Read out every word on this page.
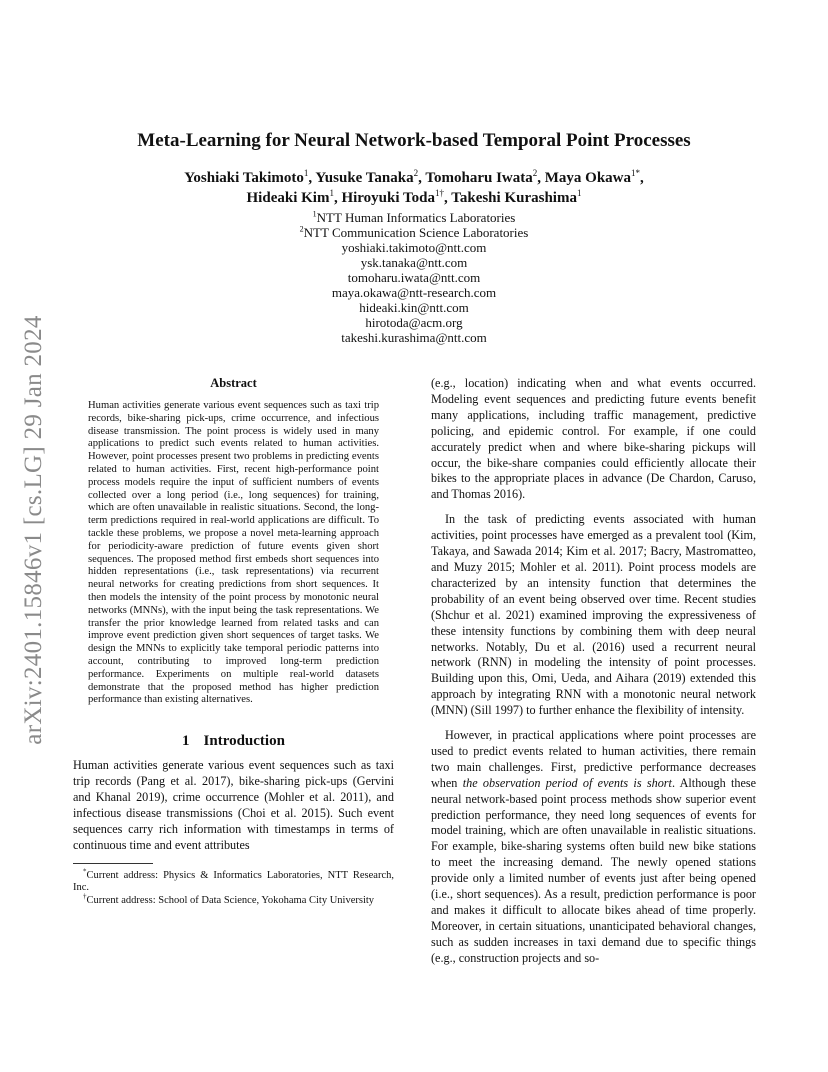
arXiv:2401.15846v1 [cs.LG] 29 Jan 2024
Meta-Learning for Neural Network-based Temporal Point Processes
Yoshiaki Takimoto$^1$, Yusuke Tanaka$^2$, Tomoharu Iwata$^2$, Maya Okawa$^{1*}$,
Hideaki Kim$^1$, Hiroyuki Toda$^{1\dagger}$, Takeshi Kurashima$^1$
$^1$NTT Human Informatics Laboratories
$^2$NTT Communication Science Laboratories
yoshiaki.takimoto@ntt.com
ysk.tanaka@ntt.com
tomoharu.iwata@ntt.com
maya.okawa@ntt-research.com
hideaki.kin@ntt.com
hirotoda@acm.org
takeshi.kurashima@ntt.com
Abstract

Human activities generate various event sequences such as taxi trip records, bike-sharing pick-ups, crime occurrence, and infectious disease transmission. The point process is widely used in many applications to predict such events related to human activities. However, point processes present two problems in predicting events related to human activities. First, recent high-performance point process models require the input of sufficient numbers of events collected over a long period (i.e., long sequences) for training, which are often unavailable in realistic situations. Second, the long-term predictions required in real-world applications are difficult. To tackle these problems, we propose a novel meta-learning approach for periodicity-aware prediction of future events given short sequences. The proposed method first embeds short sequences into hidden representations (i.e., task representations) via recurrent neural networks for creating predictions from short sequences. It then models the intensity of the point process by monotonic neural networks (MNNs), with the input being the task representations. We transfer the prior knowledge learned from related tasks and can improve event prediction given short sequences of target tasks. We design the MNNs to explicitly take temporal periodic patterns into account, contributing to improved long-term prediction performance. Experiments on multiple real-world datasets demonstrate that the proposed method has higher prediction performance than existing alternatives.

1 Introduction

Human activities generate various event sequences such as taxi trip records (Pang et al. 2017), bike-sharing pick-ups (Gervini and Khanal 2019), crime occurrence (Mohler et al. 2011), and infectious disease transmissions (Choi et al. 2015). Such event sequences carry rich information with timestamps in terms of continuous time and event attributes

*Current address: Physics & Informatics Laboratories, NTT Research, Inc.

†Current address: School of Data Science, Yokohama City University

(e.g., location) indicating when and what events occurred. Modeling event sequences and predicting future events benefit many applications, including traffic management, predictive policing, and epidemic control. For example, if one could accurately predict when and where bike-sharing pickups will occur, the bike-share companies could efficiently allocate their bikes to the appropriate places in advance (De Chardon, Caruso, and Thomas 2016).

In the task of predicting events associated with human activities, point processes have emerged as a prevalent tool (Kim, Takaya, and Sawada 2014; Kim et al. 2017; Bacry, Mastromatteo, and Muzy 2015; Mohler et al. 2011). Point process models are characterized by an intensity function that determines the probability of an event being observed over time. Recent studies (Shchur et al. 2021) examined improving the expressiveness of these intensity functions by combining them with deep neural networks. Notably, Du et al. (2016) used a recurrent neural network (RNN) in modeling the intensity of point processes. Building upon this, Omi, Ueda, and Aihara (2019) extended this approach by integrating RNN with a monotonic neural network (MNN) (Sill 1997) to further enhance the flexibility of intensity.

However, in practical applications where point processes are used to predict events related to human activities, there remain two main challenges. First, predictive performance decreases when the observation period of events is short. Although these neural network-based point process methods show superior event prediction performance, they need long sequences of events for model training, which are often unavailable in realistic situations. For example, bike-sharing systems often build new bike stations to meet the increasing demand. The newly opened stations provide only a limited number of events just after being opened (i.e., short sequences). As a result, prediction performance is poor and makes it difficult to allocate bikes ahead of time properly. Moreover, in certain situations, unanticipated behavioral changes, such as sudden increases in taxi demand due to specific things (e.g., construction projects and so-
